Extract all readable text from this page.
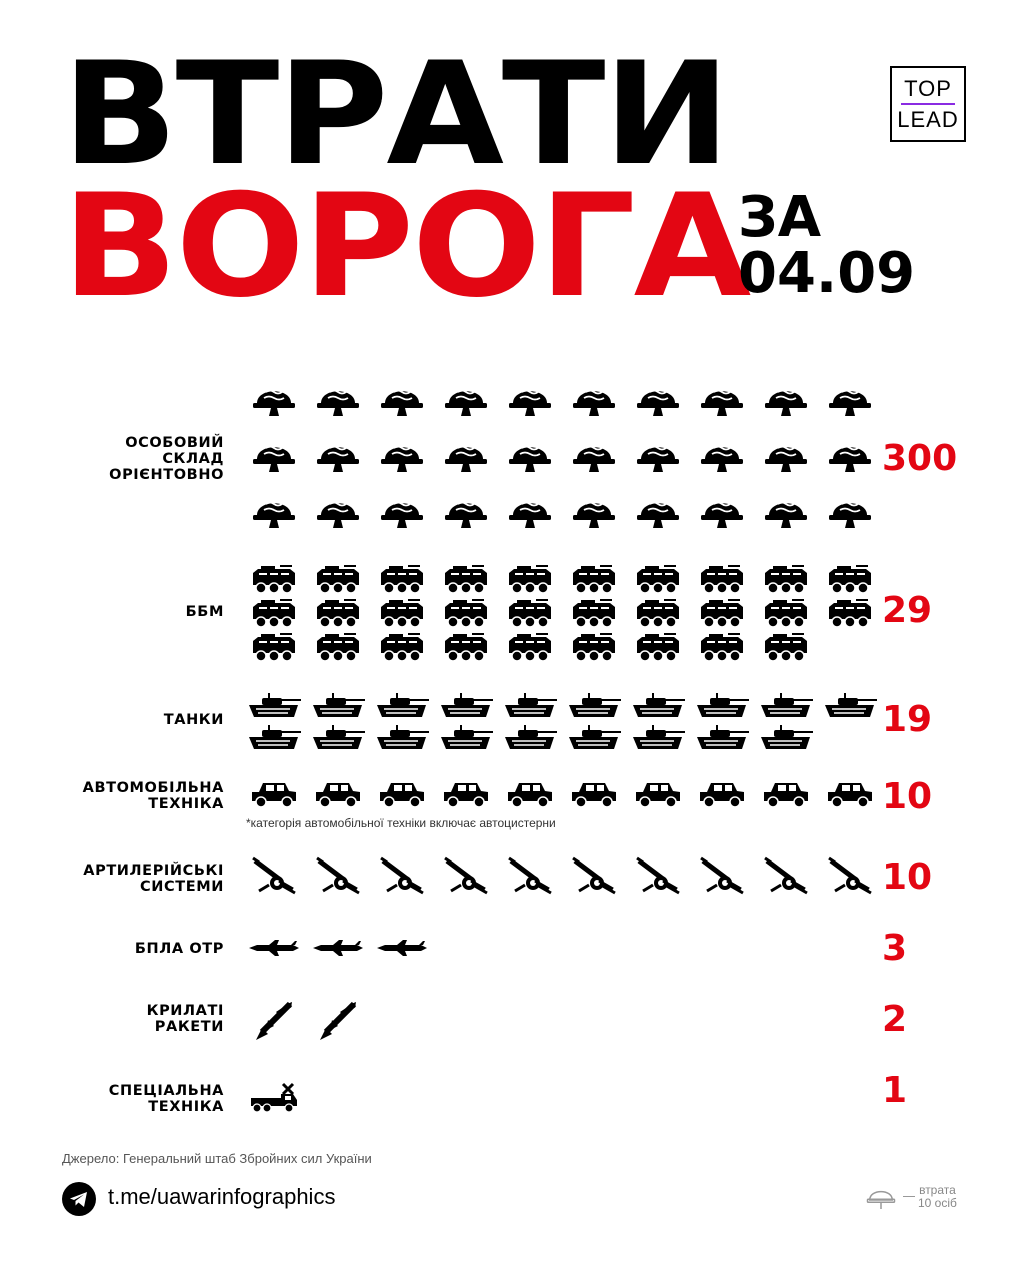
ВТРАТИ
ВОРОГА
ЗА
04.09
TOP
LEAD
ОСОБОВИЙ
СКЛАД
ОРІЄНТОВНО	300
ББМ	29
ТАНКИ	19
АВТОМОБІЛЬНА
ТЕХНІКА	10
АРТИЛЕРІЙСЬКІ
СИСТЕМИ	10
БПЛА ОТР	3
КРИЛАТІ
РАКЕТИ	2
СПЕЦІАЛЬНА
ТЕХНІКА	1
*категорія автомобільної техніки включає автоцистерни
Джерело: Генеральний штаб Збройних сил України
t.me/uawarinfographics	втрата
10 осіб
